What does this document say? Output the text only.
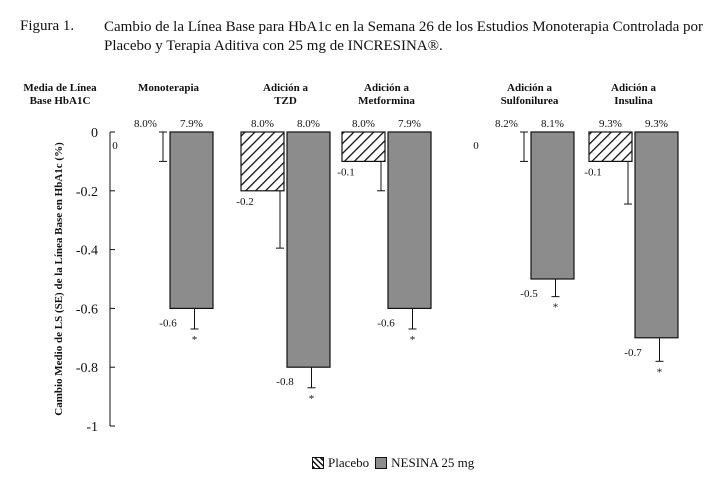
Figura 1. Cambio de la Línea Base para HbA1c en la Semana 26 de los Estudios Monoterapia Controlada por Placebo y Terapia Aditiva con 25 mg de INCRESINA®.
0
-0.2
-0.4
-0.6
-0.8
-1
Cambio Medio de LS (SE) de la Línea Base en HbA1c (%)
Media de Línea
Base HbA1C
Monoterapia
8.0%
0
7.9%
-0.6
*
Adición a
TZD
8.0%
-0.2
8.0%
-0.8
*
Adición a
Metformina
8.0%
-0.1
7.9%
-0.6
*
Adición a
Sulfonilurea
8.2%
0
8.1%
-0.5
*
Adición a
Insulina
9.3%
-0.1
9.3%
-0.7
*
Placebo NESINA 25 mg
